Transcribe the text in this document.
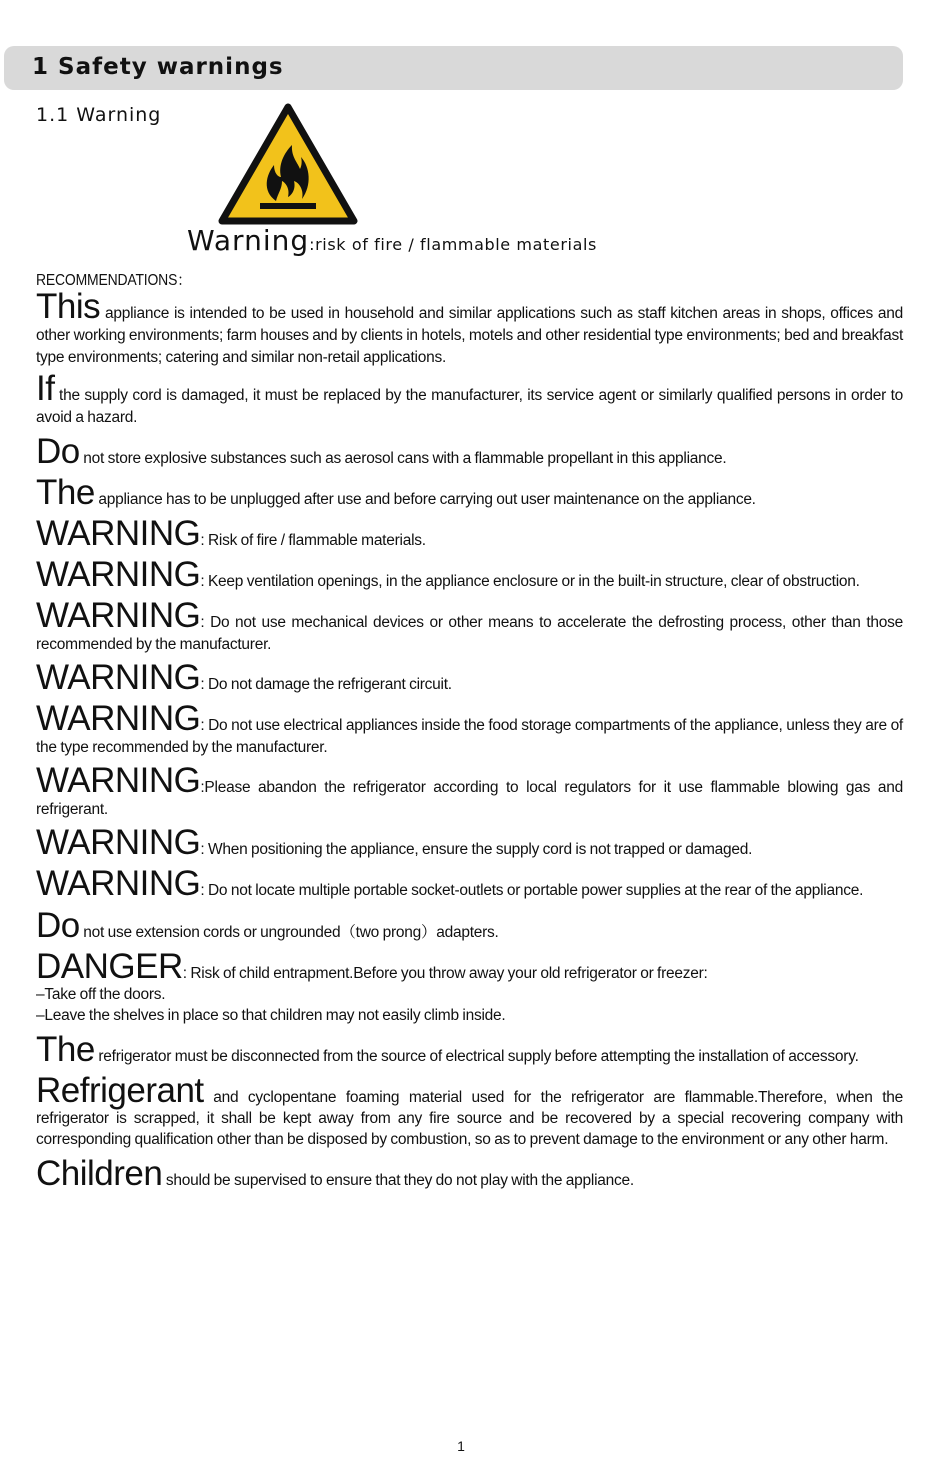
1 Safety warnings
1.1 Warning
Warning:risk of fire / flammable materials
RECOMMENDATIONS：
This appliance is intended to be used in household and similar applications such as staff kitchen areas in shops, offices and other working environments; farm houses and by clients in hotels, motels and other residential type environments; bed and breakfast type environments; catering and similar non-retail applications.
If the supply cord is damaged, it must be replaced by the manufacturer, its service agent or similarly qualified persons in order to avoid a hazard.
Do not store explosive substances such as aerosol cans with a flammable propellant in this appliance.
The appliance has to be unplugged after use and before carrying out user maintenance on the appliance.
WARNING: Risk of fire / flammable materials.
WARNING: Keep ventilation openings, in the appliance enclosure or in the built-in structure, clear of obstruction.
WARNING: Do not use mechanical devices or other means to accelerate the defrosting process, other than those recommended by the manufacturer.
WARNING: Do not damage the refrigerant circuit.
WARNING: Do not use electrical appliances inside the food storage compartments of the appliance, unless they are of the type recommended by the manufacturer.
WARNING:Please abandon the refrigerator according to local regulators for it use flammable blowing gas and refrigerant.
WARNING: When positioning the appliance, ensure the supply cord is not trapped or damaged.
WARNING: Do not locate multiple portable socket-outlets or portable power supplies at the rear of the appliance.
Do not use extension cords or ungrounded（two prong）adapters.
DANGER: Risk of child entrapment.Before you throw away your old refrigerator or freezer:
–Take off the doors.
–Leave the shelves in place so that children may not easily climb inside.
The refrigerator must be disconnected from the source of electrical supply before attempting the installation of accessory.
Refrigerant and cyclopentane foaming material used for the refrigerator are flammable.Therefore, when the refrigerator is scrapped, it shall be kept away from any fire source and be recovered by a special recovering company with corresponding qualification other than be disposed by combustion, so as to prevent damage to the environment or any other harm.
Children should be supervised to ensure that they do not play with the appliance.
1
